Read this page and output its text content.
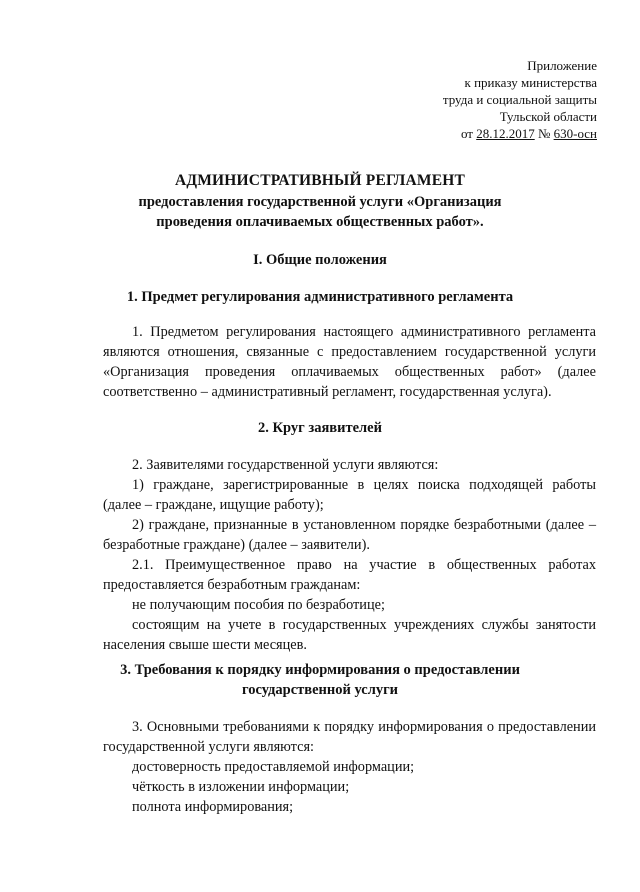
Приложение
к приказу министерства
труда и социальной защиты
Тульской области
от 28.12.2017 № 630-осн
АДМИНИСТРАТИВНЫЙ РЕГЛАМЕНТ
предоставления государственной услуги «Организация
проведения оплачиваемых общественных работ».
I. Общие положения
1. Предмет регулирования административного регламента

1. Предметом регулирования настоящего административного регламента являются отношения, связанные с предоставлением государственной услуги «Организация проведения оплачиваемых общественных работ» (далее соответственно – административный регламент, государственная услуга).

2. Круг заявителей

2. Заявителями государственной услуги являются:

1) граждане, зарегистрированные в целях поиска подходящей работы (далее – граждане, ищущие работу);

2) граждане, признанные в установленном порядке безработными (далее – безработные граждане) (далее – заявители).

2.1. Преимущественное право на участие в общественных работах предоставляется безработным гражданам:

не получающим пособия по безработице;

состоящим на учете в государственных учреждениях службы занятости населения свыше шести месяцев.

3. Требования к порядку информирования о предоставлении
государственной услуги

3. Основными требованиями к порядку информирования о предоставлении государственной услуги являются:

достоверность предоставляемой информации;

чёткость в изложении информации;

полнота информирования;
